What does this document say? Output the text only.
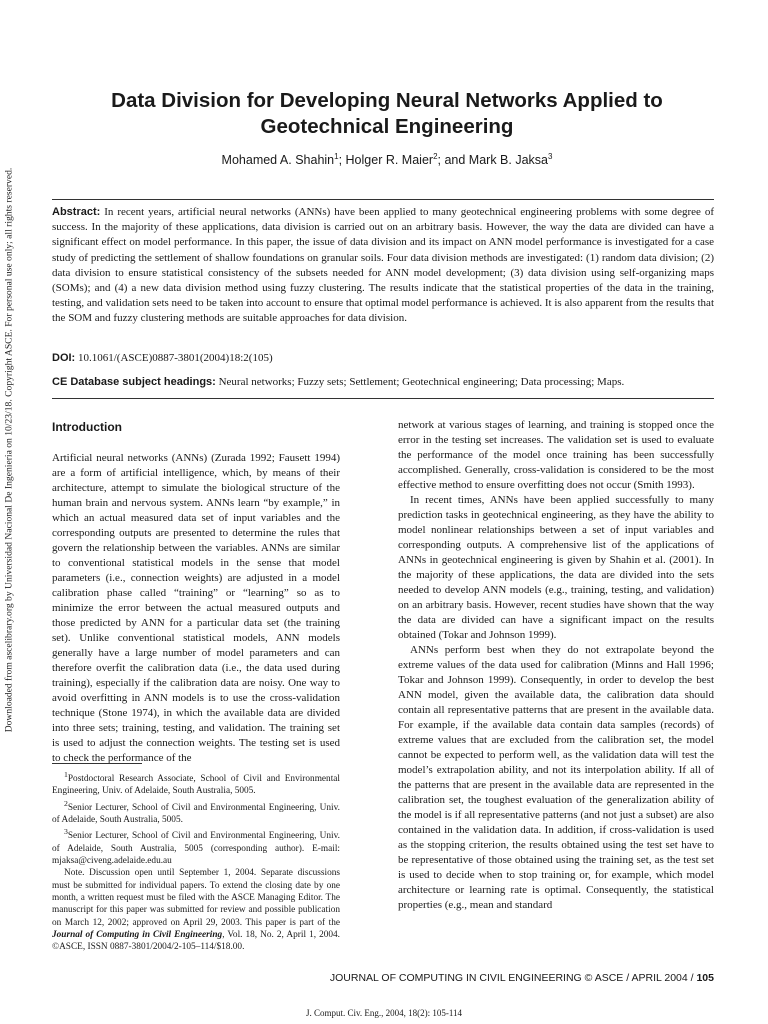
Downloaded from ascelibrary.org by Universidad Nacional De Ingenieria on 10/23/18. Copyright ASCE. For personal use only; all rights reserved.
Data Division for Developing Neural Networks Applied to Geotechnical Engineering

Mohamed A. Shahin$^1$; Holger R. Maier$^2$; and Mark B. Jaksa$^3$

Abstract: In recent years, artificial neural networks (ANNs) have been applied to many geotechnical engineering problems with some degree of success. In the majority of these applications, data division is carried out on an arbitrary basis. However, the way the data are divided can have a significant effect on model performance. In this paper, the issue of data division and its impact on ANN model performance is investigated for a case study of predicting the settlement of shallow foundations on granular soils. Four data division methods are investigated: (1) random data division; (2) data division to ensure statistical consistency of the subsets needed for ANN model development; (3) data division using self-organizing maps (SOMs); and (4) a new data division method using fuzzy clustering. The results indicate that the statistical properties of the data in the training, testing, and validation sets need to be taken into account to ensure that optimal model performance is achieved. It is also apparent from the results that the SOM and fuzzy clustering methods are suitable approaches for data division.

DOI: 10.1061/(ASCE)0887-3801(2004)18:2(105)

CE Database subject headings: Neural networks; Fuzzy sets; Settlement; Geotechnical engineering; Data processing; Maps.

Introduction

Artificial neural networks (ANNs) (Zurada 1992; Fausett 1994) are a form of artificial intelligence, which, by means of their architecture, attempt to simulate the biological structure of the human brain and nervous system. ANNs learn “by example,” in which an actual measured data set of input variables and the corresponding outputs are presented to determine the rules that govern the relationship between the variables. ANNs are similar to conventional statistical models in the sense that model parameters (i.e., connection weights) are adjusted in a model calibration phase called “training” or “learning” so as to minimize the error between the actual measured outputs and those predicted by ANN for a particular data set (the training set). Unlike conventional statistical models, ANN models generally have a large number of model parameters and can therefore overfit the calibration data (i.e., the data used during training), especially if the calibration data are noisy. One way to avoid overfitting in ANN models is to use the cross-validation technique (Stone 1974), in which the available data are divided into three sets; training, testing, and validation. The training set is used to adjust the connection weights. The testing set is used to check the performance of the

$^1$Postdoctoral Research Associate, School of Civil and Environmental Engineering, Univ. of Adelaide, South Australia, 5005.

$^2$Senior Lecturer, School of Civil and Environmental Engineering, Univ. of Adelaide, South Australia, 5005.

$^3$Senior Lecturer, School of Civil and Environmental Engineering, Univ. of Adelaide, South Australia, 5005 (corresponding author). E-mail: mjaksa@civeng.adelaide.edu.au

Note. Discussion open until September 1, 2004. Separate discussions must be submitted for individual papers. To extend the closing date by one month, a written request must be filed with the ASCE Managing Editor. The manuscript for this paper was submitted for review and possible publication on March 12, 2002; approved on April 29, 2003. This paper is part of the Journal of Computing in Civil Engineering, Vol. 18, No. 2, April 1, 2004. ©ASCE, ISSN 0887-3801/2004/2-105–114/$18.00.

network at various stages of learning, and training is stopped once the error in the testing set increases. The validation set is used to evaluate the performance of the model once training has been successfully accomplished. Generally, cross-validation is considered to be the most effective method to ensure overfitting does not occur (Smith 1993).

In recent times, ANNs have been applied successfully to many prediction tasks in geotechnical engineering, as they have the ability to model nonlinear relationships between a set of input variables and corresponding outputs. A comprehensive list of the applications of ANNs in geotechnical engineering is given by Shahin et al. (2001). In the majority of these applications, the data are divided into the sets needed to develop ANN models (e.g., training, testing, and validation) on an arbitrary basis. However, recent studies have shown that the way the data are divided can have a significant impact on the results obtained (Tokar and Johnson 1999).

ANNs perform best when they do not extrapolate beyond the extreme values of the data used for calibration (Minns and Hall 1996; Tokar and Johnson 1999). Consequently, in order to develop the best ANN model, given the available data, the calibration data should contain all representative patterns that are present in the available data. For example, if the available data contain data samples (records) of extreme values that are excluded from the calibration set, the model cannot be expected to perform well, as the validation data will test the model’s extrapolation ability, and not its interpolation ability. If all of the patterns that are present in the available data are represented in the calibration set, the toughest evaluation of the generalization ability of the model is if all representative patterns (and not just a subset) are also contained in the validation data. In addition, if cross-validation is used as the stopping criterion, the results obtained using the test set have to be representative of those obtained using the training set, as the test set is used to decide when to stop training or, for example, which model architecture or learning rate is optimal. Consequently, the statistical properties (e.g., mean and standard

JOURNAL OF COMPUTING IN CIVIL ENGINEERING © ASCE / APRIL 2004 / 105

J. Comput. Civ. Eng., 2004, 18(2): 105-114
